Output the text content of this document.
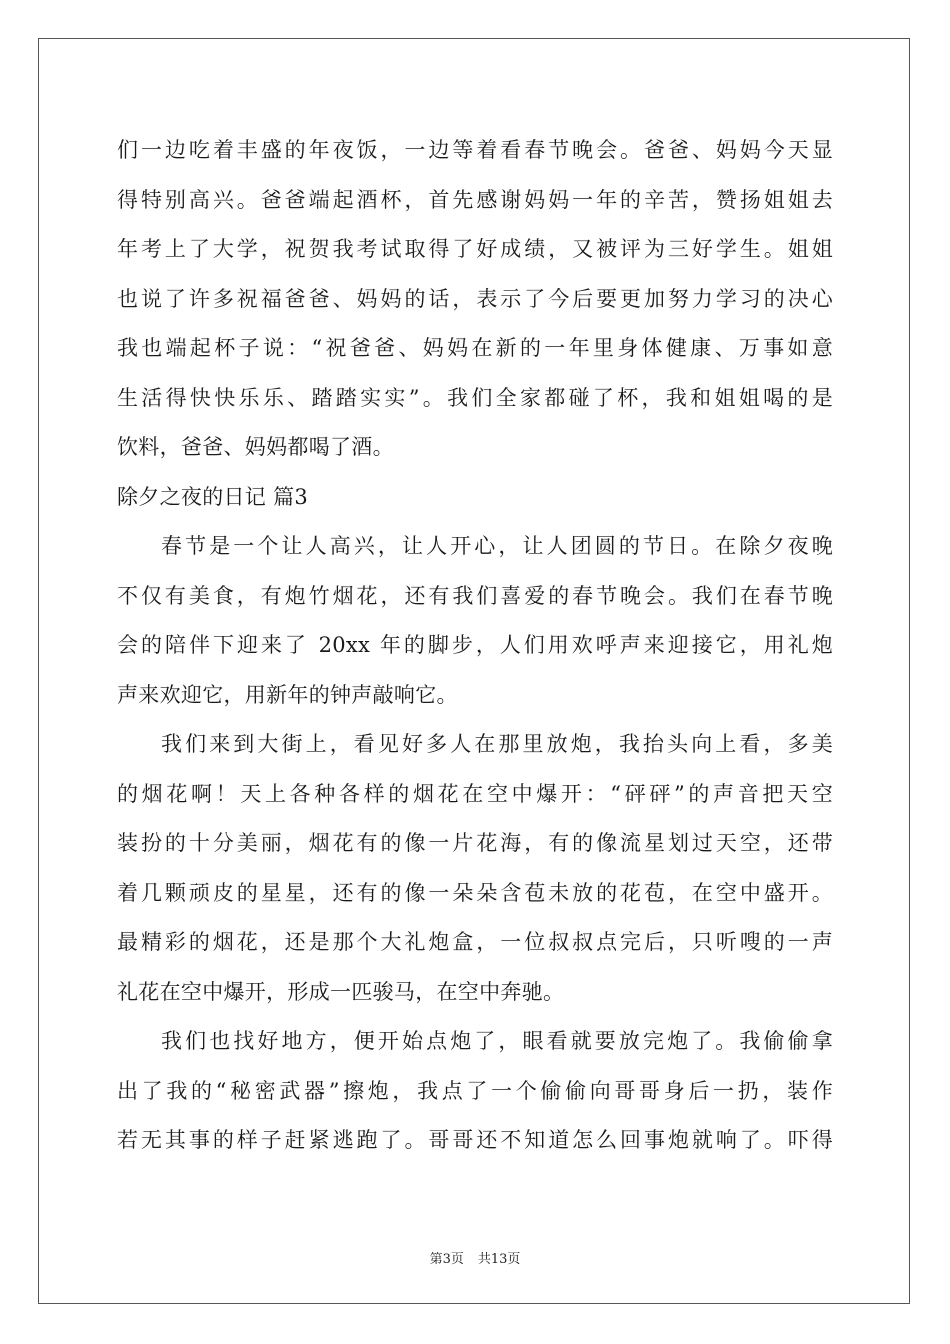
们一边吃着丰盛的年夜饭，一边等着看春节晚会。爸爸、妈妈今天显
得特别高兴。爸爸端起酒杯，首先感谢妈妈一年的辛苦，赞扬姐姐去
年考上了大学，祝贺我考试取得了好成绩，又被评为三好学生。姐姐
也说了许多祝福爸爸、妈妈的话，表示了今后要更加努力学习的决心
我也端起杯子说：“祝爸爸、妈妈在新的一年里身体健康、万事如意
生活得快快乐乐、踏踏实实”。我们全家都碰了杯，我和姐姐喝的是
饮料，爸爸、妈妈都喝了酒。
除夕之夜的日记 篇3
春节是一个让人高兴，让人开心，让人团圆的节日。在除夕夜晚
不仅有美食，有炮竹烟花，还有我们喜爱的春节晚会。我们在春节晚
会的陪伴下迎来了 20xx 年的脚步，人们用欢呼声来迎接它，用礼炮
声来欢迎它，用新年的钟声敲响它。
我们来到大街上，看见好多人在那里放炮，我抬头向上看，多美
的烟花啊！天上各种各样的烟花在空中爆开：“砰砰”的声音把天空
装扮的十分美丽，烟花有的像一片花海，有的像流星划过天空，还带
着几颗顽皮的星星，还有的像一朵朵含苞未放的花苞，在空中盛开。
最精彩的烟花，还是那个大礼炮盒，一位叔叔点完后，只听嗖的一声
礼花在空中爆开，形成一匹骏马，在空中奔驰。
我们也找好地方，便开始点炮了，眼看就要放完炮了。我偷偷拿
出了我的“秘密武器”擦炮，我点了一个偷偷向哥哥身后一扔，装作
若无其事的样子赶紧逃跑了。哥哥还不知道怎么回事炮就响了。吓得
第3页 共13页
